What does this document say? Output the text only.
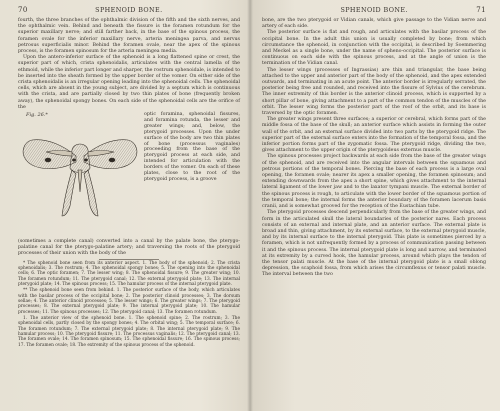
70	SPHENOID BONE.

fourth, the three branches of the ophthalmic division of the fifth and the sixth nerves, and the ophthalmic vein. Behind and beneath the fissure is the foramen rotundum for the superior maxillary nerve; and still farther back, in the base of the spinous process, the foramen ovale for the inferior maxillary nerve, arteria meningea parva, and nervus petrosus superficialis minor. Behind the foramen ovale, near the apex of the spinous process, is the foramen spinosum for the arteria meningea media.

Upon the antero-inferior surface of the sphenoid is a long flattened spine or crest, the superior part of which, crista sphenoidalis, articulates with the central lamella of the ethmoid, while the inferior part longer and sharper, the rostrum sphenoidale, is intended to be inserted into the sheath formed by the upper border of the vomer. On either side of the crista sphenoidalis is an irregular opening leading into the sphenoidal cells. The sphenoidal cells, which are absent in the young subject, are divided by a septum which is continuous with the crista, and are partially closed by two thin plates of bone (frequently broken away), the sphenoidal spongy bones. On each side of the sphenoidal cells are the orifice of the

Fig. 26.*	optic foramina, sphenoidal fissures, and foramina rotunda, the lesser and greater wings; and, below, the pterygoid processes. Upon the under surface of the body are two thin plates of bone (processus vaginales) proceeding from the base of the pterygoid process at each side, and intended for articulation with the borders of the vomer. On each of these plates, close to the root of the pterygoid process, is a groove

(sometimes a complete canal) converted into a canal by the palate bone, the pterygo-palatine canal for the pterygo-palatine artery; and traversing the roots of the pterygoid processes of their union with the body of the

* The sphenoid bone seen from its anterior aspect. 1. The body of the sphenoid; 2. The crista sphenoidalis; 3. The rostrum; 4. The sphenoidal spongy bones; 5. The opening into the sphenoidal cells; 6. The optic foramen; 7. The lesser wing; 8. The sphenoidal fissure; 9. The greater wing; 10. The foramen rotundum; 11. The pterygoid canal; 12. The external pterygoid plate; 13. The internal pterygoid plate; 14. The spinous process; 15. The hamular process of the internal pterygoid plate.

** The sphenoid bone seen from behind. 1. The posterior surface of the body, which articulates with the basilar process of the occipital bone; 2. The posterior clinoid processes; 3. The dorsum sellae; 4. The anterior clinoid processes; 5. The lesser wings; 6. The greater wings; 7. The pterygoid processes; 8. The external pterygoid plate; 9. The internal pterygoid plate; 10. The hamular processes; 11. The spinous processes; 12. The pterygoid canal; 13. The foramen rotundum.

1. The anterior view of the sphenoid bone. 1. The sphenoid spine; 2. The rostrum; 3. The sphenoidal cells, partly closed by the spongy bones; 4. The orbital wing; 5. The temporal surface; 6. The foramen rotundum; 7. The external pterygoid plate; 8. The internal pterygoid plate; 9. The hamular process; 10. The pterygoid fissure; 11. The processus vaginalis; 12. The pterygoid canal; 13. The foramen ovale; 14. The foramen spinosum; 15. The sphenoidal fissure; 16. The spinous process; 17. The foramen ovale; 18. The extremity of the spinous process of the sphenoid.

SPHENOID BONE.	71

bone, are the two pterygoid or Vidian canals, which give passage to the Vidian nerve and artery of each side.

The posterior surface is flat and rough, and articulates with the basilar process of the occipital bone. In the adult this union is usually completed by bone; from which circumstance the sphenoid, in conjunction with the occipital, is described by Soemmering and Meckel as a single bone, under the name of spheno-occipital. The posterior surface is continuous on each side with the spinous process, and at the angle of union is the termination of the Vidian canal.

The lesser wings (processes of Ingrassias) are thin and triangular, the base being attached to the upper and anterior part of the body of the sphenoid, and the apex extended outwards, and terminating in an acute point. The anterior border is irregularly serrated, the posterior being free and rounded, and received into the fissure of Sylvius of the cerebrum. The inner extremity of this border is the anterior clinoid process, which is supported by a short pillar of bone, giving attachment to a part of the common tendon of the muscles of the orbit. The lesser wing forms the posterior part of the roof of the orbit, and its base is traversed by the optic foramen.

The greater wings present three surfaces; a superior or cerebral, which forms part of the middle fossa of the base of the skull; an anterior surface which assists in forming the outer wall of the orbit, and an external surface divided into two parts by the pterygoid ridge. The superior part of the external surface enters into the formation of the temporal fossa, and the inferior portion forms part of the zygomatic fossa. The pterygoid ridge, dividing the two, gives attachment to the upper origin of the pterygoideus externus muscle.

The spinous processes project backwards at each side from the base of the greater wings of the sphenoid, and are received into the angular intervals between the squamous and petrous portions of the temporal bones. Piercing the base of each process is a large oval opening, the foramen ovale; nearer its apex a smaller opening, the foramen spinosum; and extending downwards from the apex a short spine, which gives attachment to the internal lateral ligament of the lower jaw and to the laxator tympani muscle. The external border of the spinous process is rough, to articulate with the lower border of the squamous portion of the temporal bone; the internal forms the anterior boundary of the foramen lacerum basis cranii, and is somewhat grooved for the reception of the Eustachian tube.

The pterygoid processes descend perpendicularly from the base of the greater wings, and form in the articulated skull the lateral boundaries of the posterior nares. Each process consists of an external and internal plate, and an anterior surface. The external plate is broad and thin, giving attachment, by its external surface, to the external pterygoid muscle, and by its internal surface to the internal pterygoid. This plate is sometimes pierced by a foramen, which is not unfrequently formed by a process of communication passing between it and the spinous process. The internal pterygoid plate is long and narrow, and terminated at its extremity by a curved hook, the hamular process, around which plays the tendon of the tensor palati muscle. At the base of the internal pterygoid plate is a small oblong depression, the scaphoid fossa, from which arises the circumflexus or tensor palati muscle. The interval between the two
